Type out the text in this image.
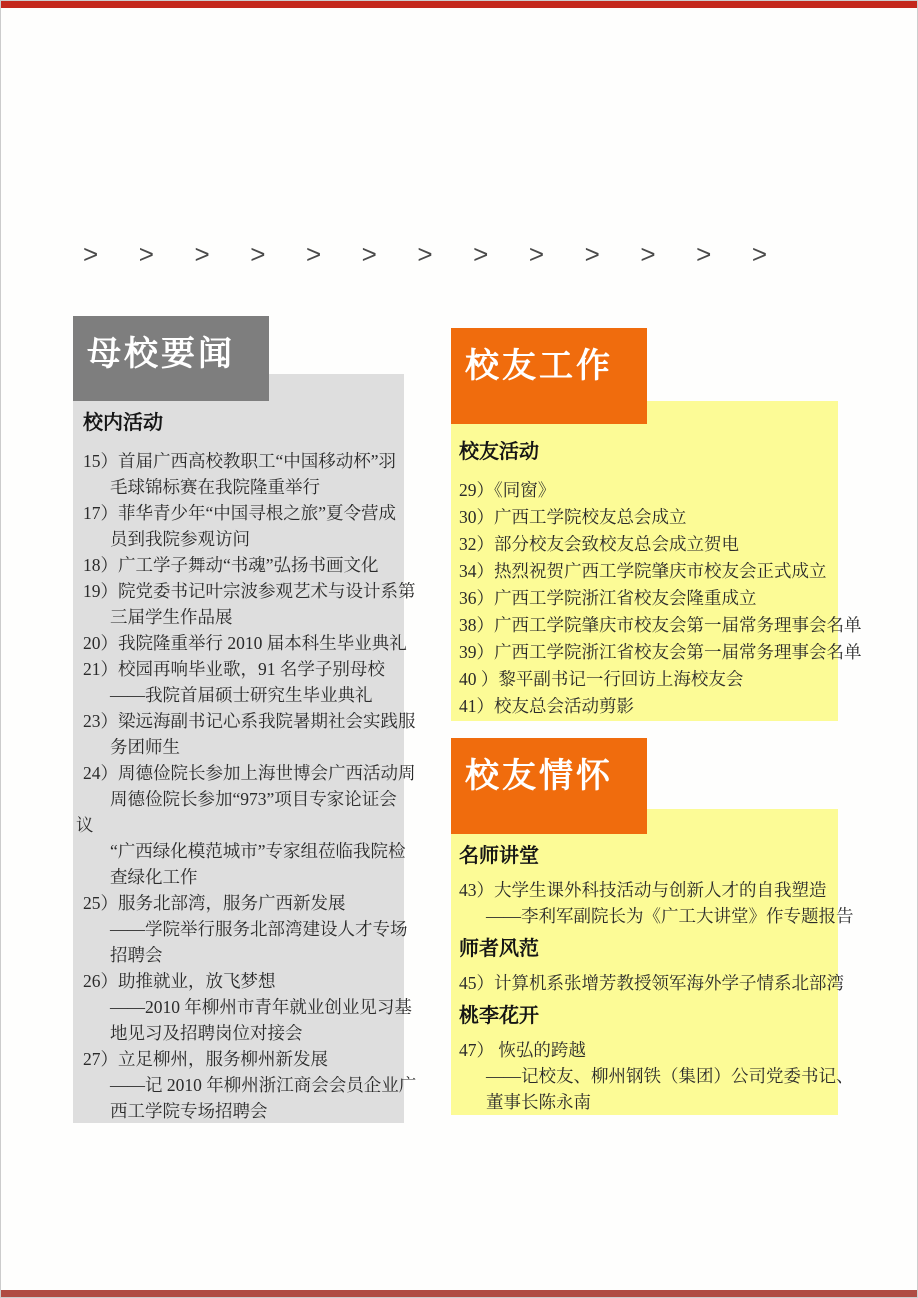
> > > > > > > > > > > > >
校内活动
15）首届广西高校教职工“中国移动杯”羽
毛球锦标赛在我院隆重举行
17）菲华青少年“中国寻根之旅”夏令营成
员到我院参观访问
18）广工学子舞动“书魂”弘扬书画文化
19）院党委书记叶宗波参观艺术与设计系第
三届学生作品展
20）我院隆重举行 2010 届本科生毕业典礼
21）校园再响毕业歌，91 名学子别母校
——我院首届硕士研究生毕业典礼
23）梁远海副书记心系我院暑期社会实践服
务团师生
24）周德俭院长参加上海世博会广西活动周
周德俭院长参加“973”项目专家论证会
议
“广西绿化模范城市”专家组莅临我院检
查绿化工作
25）服务北部湾，服务广西新发展
——学院举行服务北部湾建设人才专场
招聘会
26）助推就业，放飞梦想
——2010 年柳州市青年就业创业见习基
地见习及招聘岗位对接会
27）立足柳州，服务柳州新发展
——记 2010 年柳州浙江商会会员企业广
西工学院专场招聘会
校友活动
29）《同窗》
30）广西工学院校友总会成立
32）部分校友会致校友总会成立贺电
34）热烈祝贺广西工学院肇庆市校友会正式成立
36）广西工学院浙江省校友会隆重成立
38）广西工学院肇庆市校友会第一届常务理事会名单
39）广西工学院浙江省校友会第一届常务理事会名单
40 ）黎平副书记一行回访上海校友会
41）校友总会活动剪影
名师讲堂
43）大学生课外科技活动与创新人才的自我塑造
——李利军副院长为《广工大讲堂》作专题报告
师者风范
45）计算机系张增芳教授领军海外学子情系北部湾
桃李花开
47） 恢弘的跨越
——记校友、柳州钢铁（集团）公司党委书记、
董事长陈永南
母校要闻	校友工作
校友情怀
